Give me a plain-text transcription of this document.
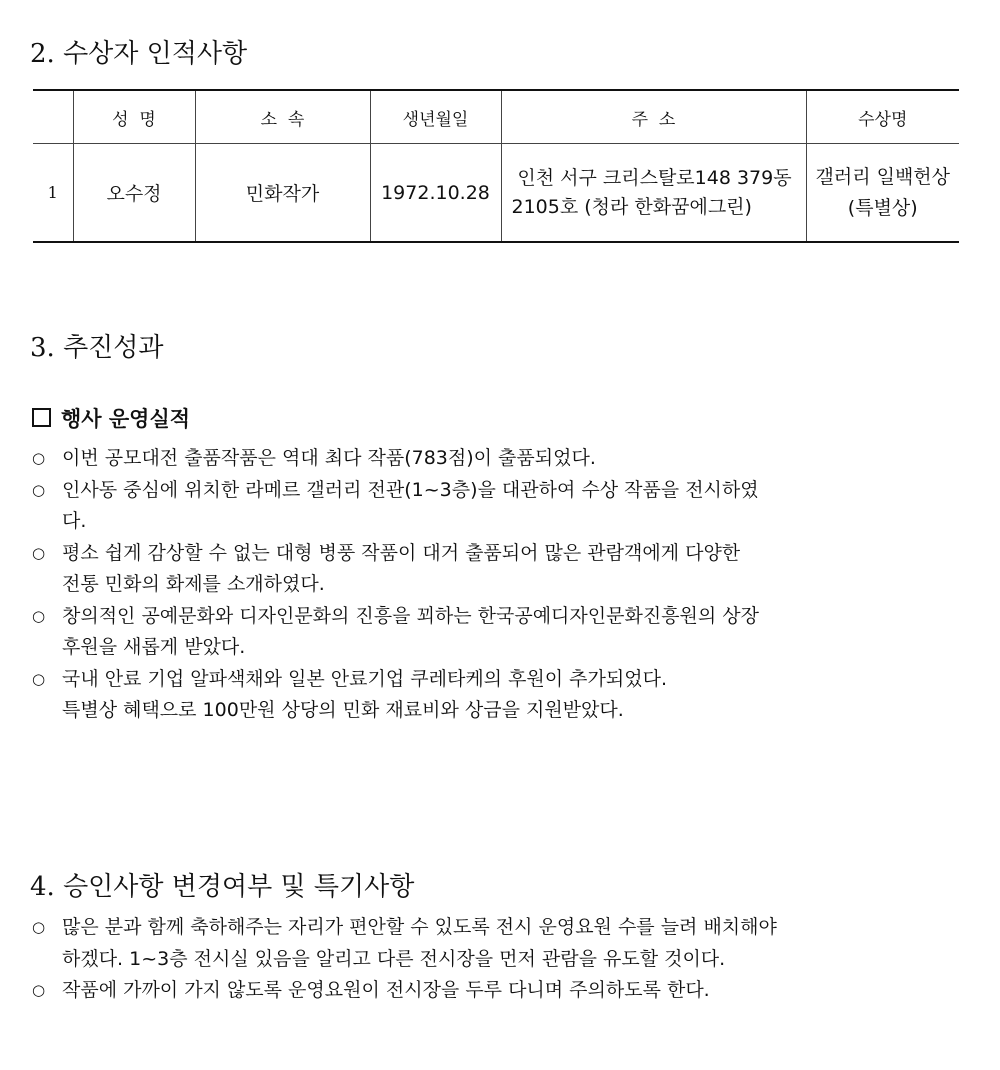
2. 수상자 인적사항
	성  명	소  속	생년월일	주  소	수상명
1	오수정	민화작가	1972.10.28	인천 서구 크리스탈로148 379동 2105호 (청라 한화꿈에그린)	갤러리 일백헌상 (특별상)
3. 추진성과
행사 운영실적
○ 이번 공모대전 출품작품은 역대 최다 작품(783점)이 출품되었다.
○ 인사동 중심에 위치한 라메르 갤러리 전관(1~3층)을 대관하여 수상 작품을 전시하였
다.
○ 평소 쉽게 감상할 수 없는 대형 병풍 작품이 대거 출품되어 많은 관람객에게 다양한
전통 민화의 화제를 소개하였다.
○ 창의적인 공예문화와 디자인문화의 진흥을 꾀하는 한국공예디자인문화진흥원의 상장
후원을 새롭게 받았다.
○ 국내 안료 기업 알파색채와 일본 안료기업 쿠레타케의 후원이 추가되었다.
특별상 혜택으로 100만원 상당의 민화 재료비와 상금을 지원받았다.
4. 승인사항 변경여부 및 특기사항
○ 많은 분과 함께 축하해주는 자리가 편안할 수 있도록 전시 운영요원 수를 늘려 배치해야
하겠다. 1~3층 전시실 있음을 알리고 다른 전시장을 먼저 관람을 유도할 것이다.
○ 작품에 가까이 가지 않도록 운영요원이 전시장을 두루 다니며 주의하도록 한다.
